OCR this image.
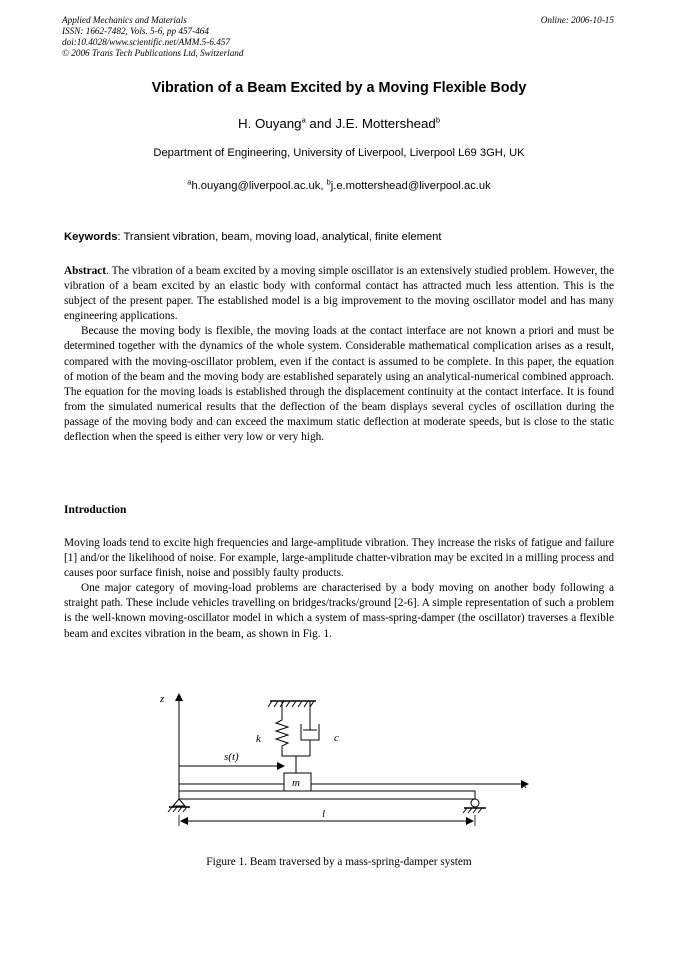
Applied Mechanics and Materials
ISSN: 1662-7482, Vols. 5-6, pp 457-464
doi:10.4028/www.scientific.net/AMM.5-6.457
© 2006 Trans Tech Publications Ltd, Switzerland
Online: 2006-10-15
Vibration of a Beam Excited by a Moving Flexible Body
H. Ouyang$^a$ and J.E. Mottershead$^b$
Department of Engineering, University of Liverpool, Liverpool L69 3GH, UK
$^a$h.ouyang@liverpool.ac.uk, $^b$j.e.mottershead@liverpool.ac.uk
Keywords: Transient vibration, beam, moving load, analytical, finite element

Abstract. The vibration of a beam excited by a moving simple oscillator is an extensively studied problem. However, the vibration of a beam excited by an elastic body with conformal contact has attracted much less attention. This is the subject of the present paper. The established model is a big improvement to the moving oscillator model and has many engineering applications.

Because the moving body is flexible, the moving loads at the contact interface are not known a priori and must be determined together with the dynamics of the whole system. Considerable mathematical complication arises as a result, compared with the moving-oscillator problem, even if the contact is assumed to be complete. In this paper, the equation of motion of the beam and the moving body are established separately using an analytical-numerical combined approach. The equation for the moving loads is established through the displacement continuity at the contact interface. It is found from the simulated numerical results that the deflection of the beam displays several cycles of oscillation during the passage of the moving body and can exceed the maximum static deflection at moderate speeds, but is close to the static deflection when the speed is either very low or very high.

Introduction

Moving loads tend to excite high frequencies and large-amplitude vibration. They increase the risks of fatigue and failure [1] and/or the likelihood of noise. For example, large-amplitude chatter-vibration may be excited in a milling process and causes poor surface finish, noise and possibly faulty products.

One major category of moving-load problems are characterised by a body moving on another body following a straight path. These include vehicles travelling on bridges/tracks/ground [2-6]. A simple representation of such a problem is the well-known moving-oscillator model in which a system of mass-spring-damper (the oscillator) traverses a flexible beam and excites vibration in the beam, as shown in Fig. 1.

z
x
k	c
m
s(t)
l
Figure 1. Beam traversed by a mass-spring-damper system
